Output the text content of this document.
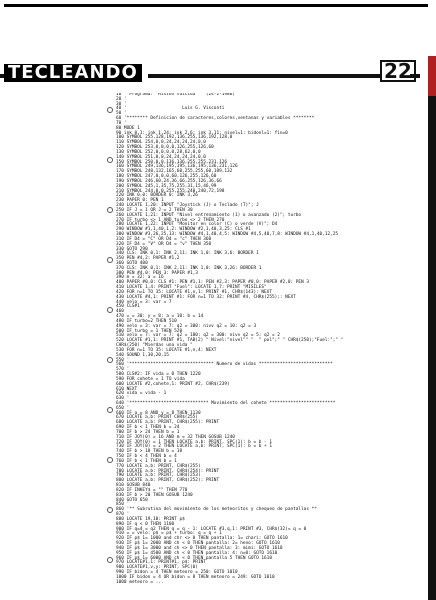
TECLEANDO	22
10 ' Programa: "Mision suicida"   (24-2-1986)
20 '
30 '
40 '                     Luis G. Visconti
50 '
60 '******** Definicion de caracteres,colores,ventanas y variables ********
70 '
80 MODE 1
90 ink 0,1: ink 1,24: ink 2,6: ink 3,11: nivel=1: bidonl=1: fin=0
100 SYMBOL 255,128,192,136,255,136,192,128,0
110 SYMBOL 254,0,0,24,24,24,24,0,0
120 SYMBOL 253,0,0,0,0,126,255,126,60
130 SYMBOL 252,0,0,0,0,28,62,0,0
140 SYMBOL 251,0,0,24,24,24,24,0,0
150 SYMBOL 250,0,0,136,136,255,255,231,126
160 SYMBOL 249,136,195,195,136,195,136,231,126
170 SYMBOL 248,132,165,60,255,255,60,189,132
180 SYMBOL 247,0,0,0,60,126,255,126,60
190 SYMBOL 246,60,24,36,66,255,126,36,66
200 SYMBOL 245,1,35,75,255,31,15,46,99
210 SYMBOL 244,0,0,255,255,240,240,72,198
220 INK 0,0: BORDER 0: INK 3,26
230 PAPER 0: PEN 1
240 LOCATE 1,20: INPUT "Joystick (J) o Teclado (T)"; J
250 IF J = 1 OR J = 2 THEN 30
260 LOCATE 1,21: INPUT "Nivel entrenamiento (1) o avanzado (2)"; turbo
270 IF turbo <> 1 AND turbo <> 2 THEN 270
280 LOCATE 1,22: INPUT "Monitor en color (C) o verde (V)"; D4
290 WINDOW #1,1,40,1,2: WINDOW #2,1,40,3,25: CLS #1
300 WINDOW #3,26,25,13: WINDOW #4,1,40,4,5: WINDOW #4,5,40,7,8: WINDOW #4,1,40,12,25
310 IF D4 = "C" OR D4 = "c" THEN 360
320 IF D4 = "V" OR D4 = "v" THEN 350
330 GOTO 290
340 CLS: INK 0,1: INK 2,11: INK 1,0: INK 3,6: BORDER 1
350 PEN #4,2: PAPER #1,2
360 GOTO 400
370 CLS: INK 0,1: INK 2,11: INK 1,0: INK 3,26: BORDER 1
380 PEN #4,0: PEN 3: PAPER #1,3
390 m = 32: a = 16
400 PAPER #0,0: CLS #1: PEN #1,1: PEN #2,3: PAPER #0,0: PAPER #2,0: PEN 3
410 LOCATE 1,4: PRINT "Fuel": LOCATE 1,7: PRINT "MISILES"
420 FOR n=1 TO 35: LOCATE #1,n,1: PRINT #1, CHR$(143): NEXT
430 LOCATE #4,1: PRINT #1: FOR n=1 TO 32: PRINT #4, CHR$(255);: NEXT
440 velo = 3: var = 7
450 CLS#1
460
470 = = 30: y = 8: a = 10: b = 14
480 IF turbo=2 THEN 510
490 velo = 3: var = 7: q2 = 300: nivv q2 = 10: q2 = 3
500 IF turbo = 1 THEN 520
510 velo = 7: var = 7: q2 = 180: q2 = 300: nivv q2 = 5: q2 = 2
520 LOCATE #1,1: PRINT #1, TAB(2) " Nivel:"nivel"" "  " pol";" " CHR$(250);"Fuel:";" "
CHR$(250) "Mierdas una vida "
530 FOR n=1 TO 35: LOCATE #1,n,4: NEXT
540 SOUND 1,30,20,15
550 '
560 '******************************** Numero de vidas ****************************
570 '
580 CLS#2: IF vida = 0 THEN 1220
590 FOR cohete = 1 TO vida
600 LOCATE #2,cohete,1: PRINT #2, CHR$(239)
610 NEXT
620 vida = vida - 1
630 '
640 '****************************** Movimiento del cohete *************************
650 '
660 IF a = 8 AND y = 8 THEN 1130
670 LOCATE a,b: PRINT CHR$(255)
680 LOCATE a,b: PRINT, CHR$(255): PRINT
690 IF b < 1 THEN b = 24
700 IF b > 24 THEN b = 1
710 IF JOY(0) = 16 AND m = 32 THEN GOSUB 1240
720 IF JOY(0) = 1 THEN LOCATE a,b: PRINT, SPC(1): b = b - 1
730 IF JOY(0) = 2 THEN LOCATE a,b: PRINT, SPC(1): b = b + 1
740 IF b > 18 THEN b = 18
750 IF b < 4 THEN b = 4
760 IF b < 1 THEN b = 1
770 LOCATE a,b: PRINT, CHR$(255)
780 LOCATE a,b: PRINT, CHR$(254): PRINT
790 LOCATE a,b: PRINT, CHR$(253)
800 LOCATE a,b: PRINT, CHR$(252): PRINT
810 GOSUB 840
820 IF INKEY$ = "" THEN 770
830 IF b > 20 THEN GOSUB 1240
840 GOTO 650
850 '
860 '** Subrutina del movimiento de los meteoritos y chequeo de pantallas **
870 '
880 LOCATE 19,10: PRINT p$
890 IF q < 0 THEN 1100
900 IF q=4 = q2 THEN q = q - 1: LOCATE #3,q,1: PRINT #3, CHR$(32)= q = 0
910 = = velo: p$ = p$ + turbo: q = q + 1
920 IF p$ 1= 1000 and chr <> 0 THEN pantalla: 1= chari: GOTO 1610
930 IF p$ 1= 2000 AND ch < 0 THEN pantalla: 2= heno: GOTO 1610
940 IF p$ 1= 3000 and ch <> 0 THEN pantalla: 3: mimi: GOTO 1610
950 IF p$ 1= 4500 AND ch < 0 THEN pantalla: 4: n=0: GOTO 1610
960 IF p$ 1= 6000 AND ch < 0 THEN pantalla 5 THEN GOTO 1610
970 LOCATE#1,1: PRINT#1, p$: PRINT
980 LOCATE#1,v,y: PRINT, SPC(0)
990 IF bidon = 4 THEN meteoro = 250: GOTO 1010
1000 IF bidon = 4 OR bidon = 8 THEN meteoro = 249: GOTO 1010
1000 meteoro = ...
